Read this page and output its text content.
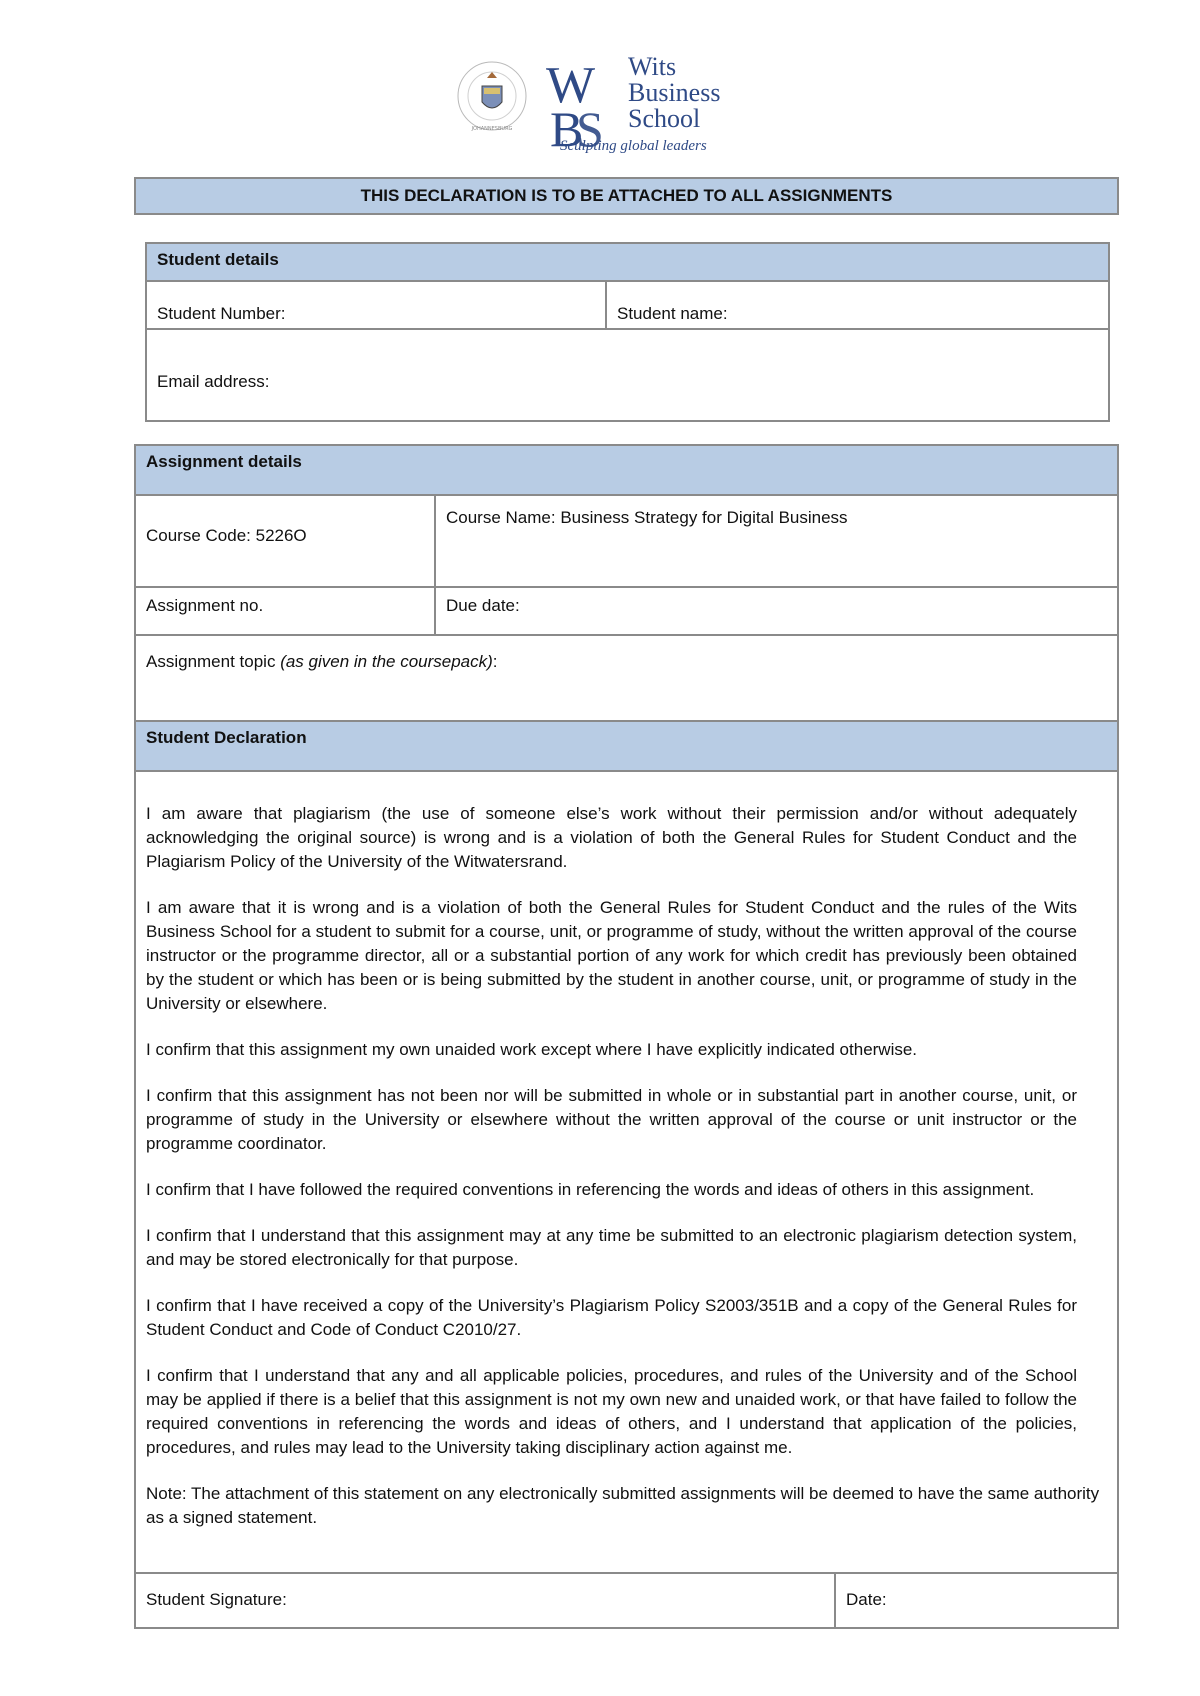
JOHANNESBURG
W
B
S
Wits
Business
School
Sculpting global leaders
THIS DECLARATION IS TO BE ATTACHED TO ALL ASSIGNMENTS
Student details
Student Number:	Student name:
Email address:
Assignment details
Course Code: 5226O
Course Name: Business Strategy for Digital Business
Assignment no.	Due date:
Assignment topic (as given in the coursepack):
Student Declaration

I am aware that plagiarism (the use of someone else’s work without their permission and/or without adequately acknowledging the original source) is wrong and is a violation of both the General Rules for Student Conduct and the Plagiarism Policy of the University of the Witwatersrand.

I am aware that it is wrong and is a violation of both the General Rules for Student Conduct and the rules of the Wits Business School for a student to submit for a course, unit, or programme of study, without the written approval of the course instructor or the programme director, all or a substantial portion of any work for which credit has previously been obtained by the student or which has been or is being submitted by the student in another course, unit, or programme of study in the University or elsewhere.

I confirm that this assignment my own unaided work except where I have explicitly indicated otherwise.

I confirm that this assignment has not been nor will be submitted in whole or in substantial part in another course, unit, or programme of study in the University or elsewhere without the written approval of the course or unit instructor or the programme coordinator.

I confirm that I have followed the required conventions in referencing the words and ideas of others in this assignment.

I confirm that I understand that this assignment may at any time be submitted to an electronic plagiarism detection system, and may be stored electronically for that purpose.

I confirm that I have received a copy of the University’s Plagiarism Policy S2003/351B and a copy of the General Rules for Student Conduct and Code of Conduct C2010/27.

I confirm that I understand that any and all applicable policies, procedures, and rules of the University and of the School may be applied if there is a belief that this assignment is not my own new and unaided work, or that have failed to follow the required conventions in referencing the words and ideas of others, and I understand that application of the policies, procedures, and rules may lead to the University taking disciplinary action against me.

Note: The attachment of this statement on any electronically submitted assignments will be deemed to have the same authority as a signed statement.

Student Signature:	Date:
